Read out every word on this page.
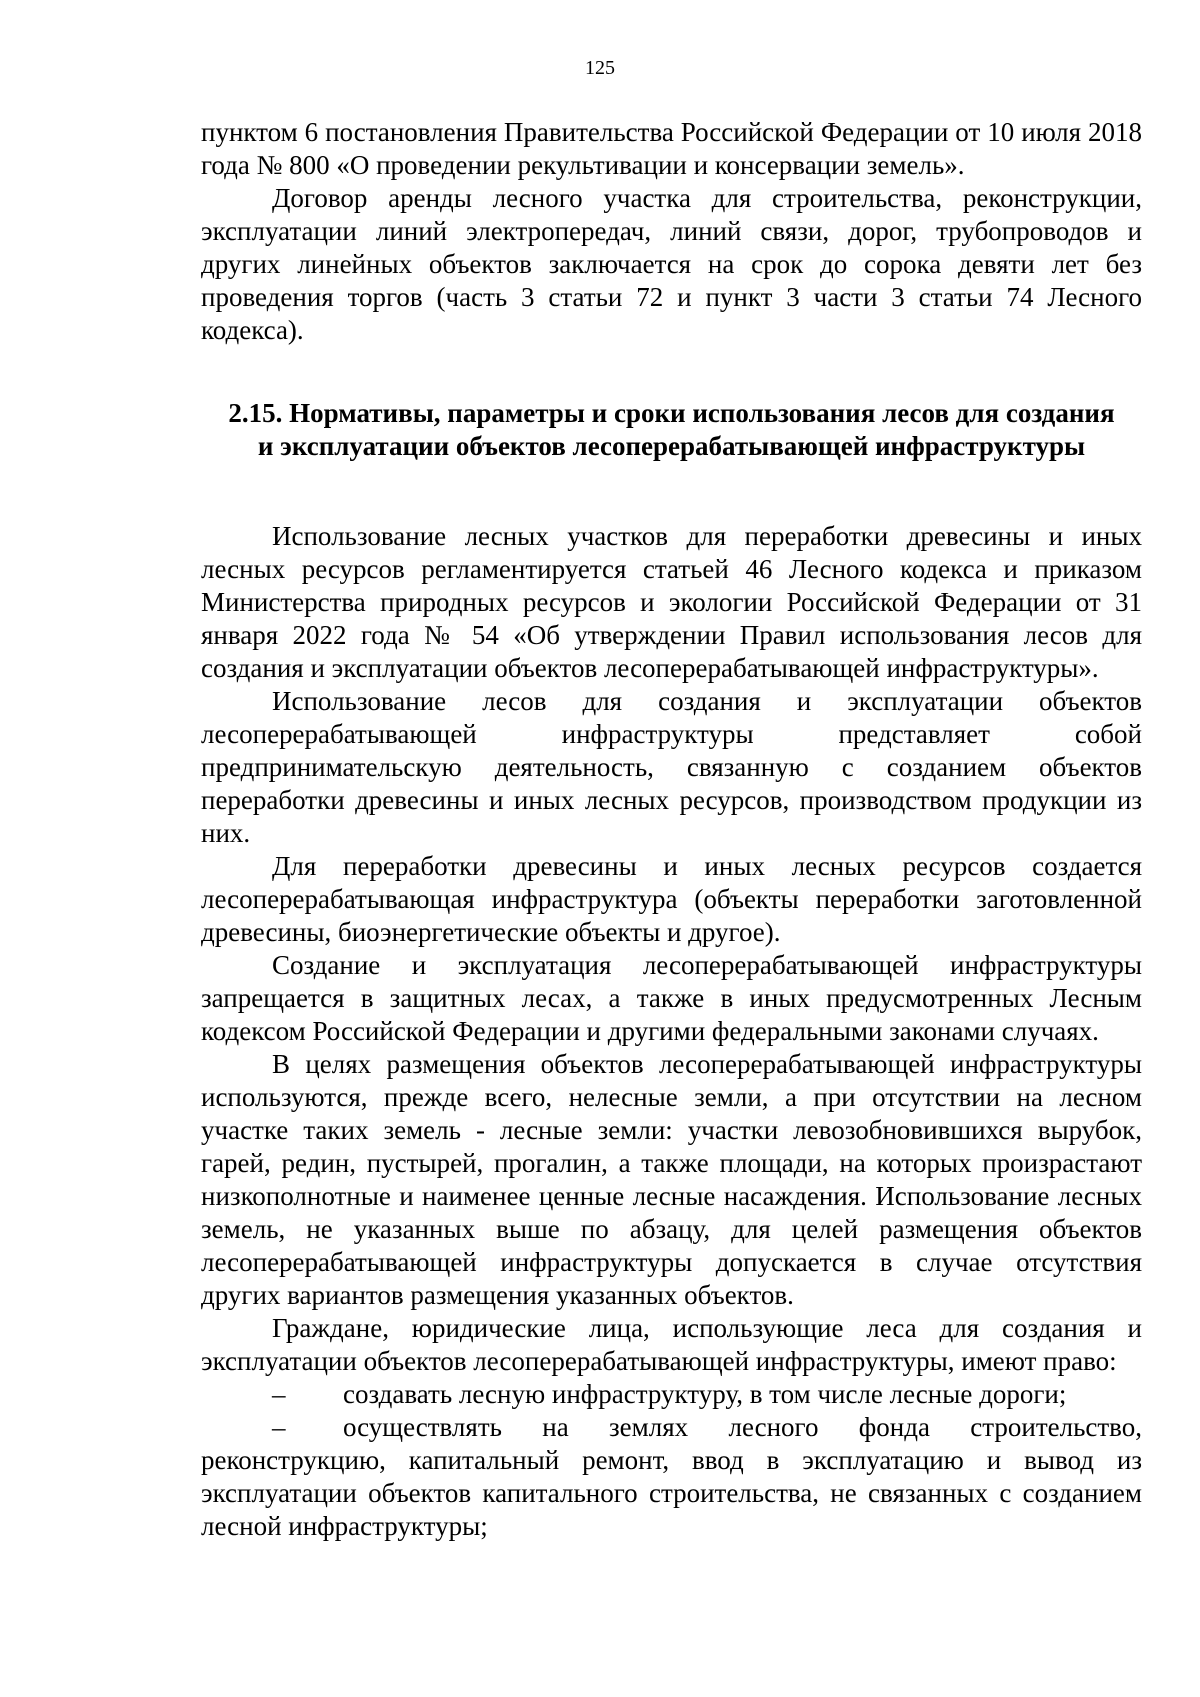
125

пунктом 6 постановления Правительства Российской Федерации от 10 июля 2018 года № 800 «О проведении рекультивации и консервации земель».

Договор аренды лесного участка для строительства, реконструкции, эксплуатации линий электропередач, линий связи, дорог, трубопроводов и других линейных объектов заключается на срок до сорока девяти лет без проведения торгов (часть 3 статьи 72 и пункт 3 части 3 статьи 74 Лесного кодекса).

2.15. Нормативы, параметры и сроки использования лесов для создания
и эксплуатации объектов лесоперерабатывающей инфраструктуры

Использование лесных участков для переработки древесины и иных лесных ресурсов регламентируется статьей 46 Лесного кодекса и приказом Министерства природных ресурсов и экологии Российской Федерации от 31 января 2022 года № 54 «Об утверждении Правил использования лесов для создания и эксплуатации объектов лесоперерабатывающей инфраструктуры».

Использование лесов для создания и эксплуатации объектов лесоперерабатывающей инфраструктуры представляет собой предпринимательскую деятельность, связанную с созданием объектов переработки древесины и иных лесных ресурсов, производством продукции из них.

Для переработки древесины и иных лесных ресурсов создается лесоперерабатывающая инфраструктура (объекты переработки заготовленной древесины, биоэнергетические объекты и другое).

Создание и эксплуатация лесоперерабатывающей инфраструктуры запрещается в защитных лесах, а также в иных предусмотренных Лесным кодексом Российской Федерации и другими федеральными законами случаях.

В целях размещения объектов лесоперерабатывающей инфраструктуры используются, прежде всего, нелесные земли, а при отсутствии на лесном участке таких земель - лесные земли: участки левозобновившихся вырубок, гарей, редин, пустырей, прогалин, а также площади, на которых произрастают низкополнотные и наименее ценные лесные насаждения. Использование лесных земель, не указанных выше по абзацу, для целей размещения объектов лесоперерабатывающей инфраструктуры допускается в случае отсутствия других вариантов размещения указанных объектов.

Граждане, юридические лица, использующие леса для создания и эксплуатации объектов лесоперерабатывающей инфраструктуры, имеют право:

– создавать лесную инфраструктуру, в том числе лесные дороги;

– осуществлять на землях лесного фонда строительство, реконструкцию, капитальный ремонт, ввод в эксплуатацию и вывод из эксплуатации объектов капитального строительства, не связанных с созданием лесной инфраструктуры;
